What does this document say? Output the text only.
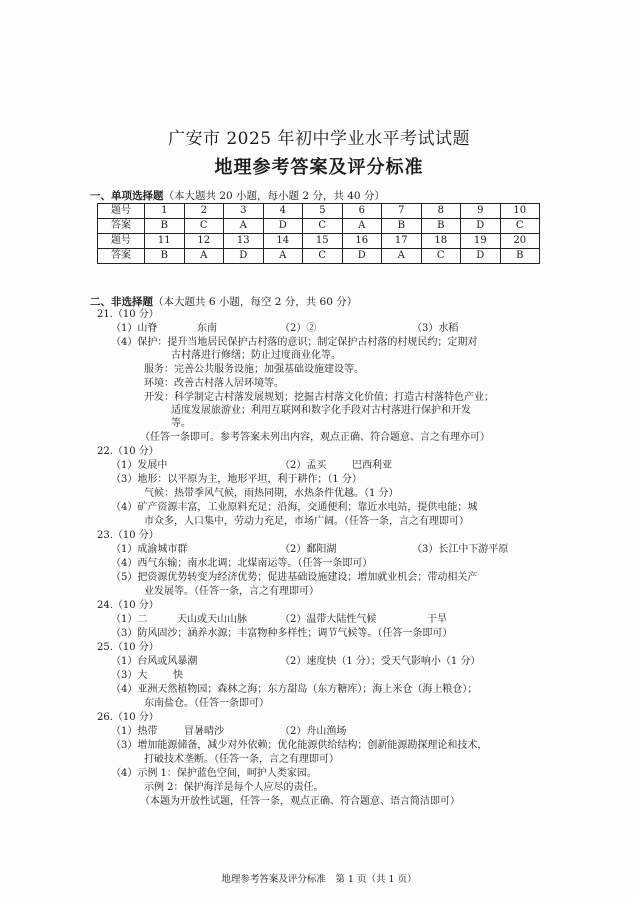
广安市 2025 年初中学业水平考试试题
地理参考答案及评分标准
一、单项选择题（本大题共 20 小题，每小题 2 分，共 40 分）
题号	1	2	3	4	5	6	7	8	9	10
答案	B	C	A	D	C	A	B	B	D	C
题号	11	12	13	14	15	16	17	18	19	20
答案	B	A	D	A	C	D	A	C	D	B
二、非选择题（本大题共 6 小题，每空 2 分，共 60 分）
21.（10 分）
（1）山脊	东南	（2）②	（3）水稻
（4）保护：提升当地居民保护古村落的意识；制定保护古村落的村规民约；定期对
古村落进行修缮；防止过度商业化等。
服务：完善公共服务设施；加强基础设施建设等。
环境：改善古村落人居环境等。
开发：科学制定古村落发展规划；挖掘古村落文化价值；打造古村落特色产业；
适度发展旅游业；利用互联网和数字化手段对古村落进行保护和开发
等。
（任答一条即可。参考答案未列出内容，观点正确、符合题意、言之有理亦可）
22.（10 分）
（1）发展中	（2）孟买	巴西利亚
（3）地形：以平原为主，地形平坦，利于耕作；（1 分）
气候：热带季风气候，雨热同期，水热条件优越。（1 分）
（4）矿产资源丰富，工业原料充足；沿海，交通便利；靠近水电站，提供电能；城
市众多，人口集中，劳动力充足，市场广阔。（任答一条，言之有理即可）
23.（10 分）
（1）成渝城市群	（2）鄱阳湖	（3）长江中下游平原
（4）西气东输；南水北调；北煤南运等。（任答一条即可）
（5）把资源优势转变为经济优势；促进基础设施建设；增加就业机会；带动相关产
业发展等。（任答一条，言之有理即可）
24.（10 分）
（1）二	天山或天山山脉	（2）温带大陆性气候	干旱
（3）防风固沙；涵养水源；丰富物种多样性；调节气候等。（任答一条即可）
25.（10 分）
（1）台风或风暴潮	（2）速度快（1 分）；受天气影响小（1 分）
（3）大	快
（4）亚洲天然植物园；森林之海；东方甜岛（东方糖库）；海上米仓（海上粮仓）；
东南盐仓。（任答一条即可）
26.（10 分）
（1）热带	冒暑晴沙	（2）舟山渔场
（3）增加能源储备，减少对外依赖；优化能源供给结构；创新能源勘探理论和技术，
打破技术垄断。（任答一条，言之有理即可）
（4）示例 1：保护蓝色空间，呵护人类家园。
示例 2：保护海洋是每个人应尽的责任。
（本题为开放性试题，任答一条，观点正确、符合题意、语言简洁即可）
地理参考答案及评分标准　第 1 页（共 1 页）
